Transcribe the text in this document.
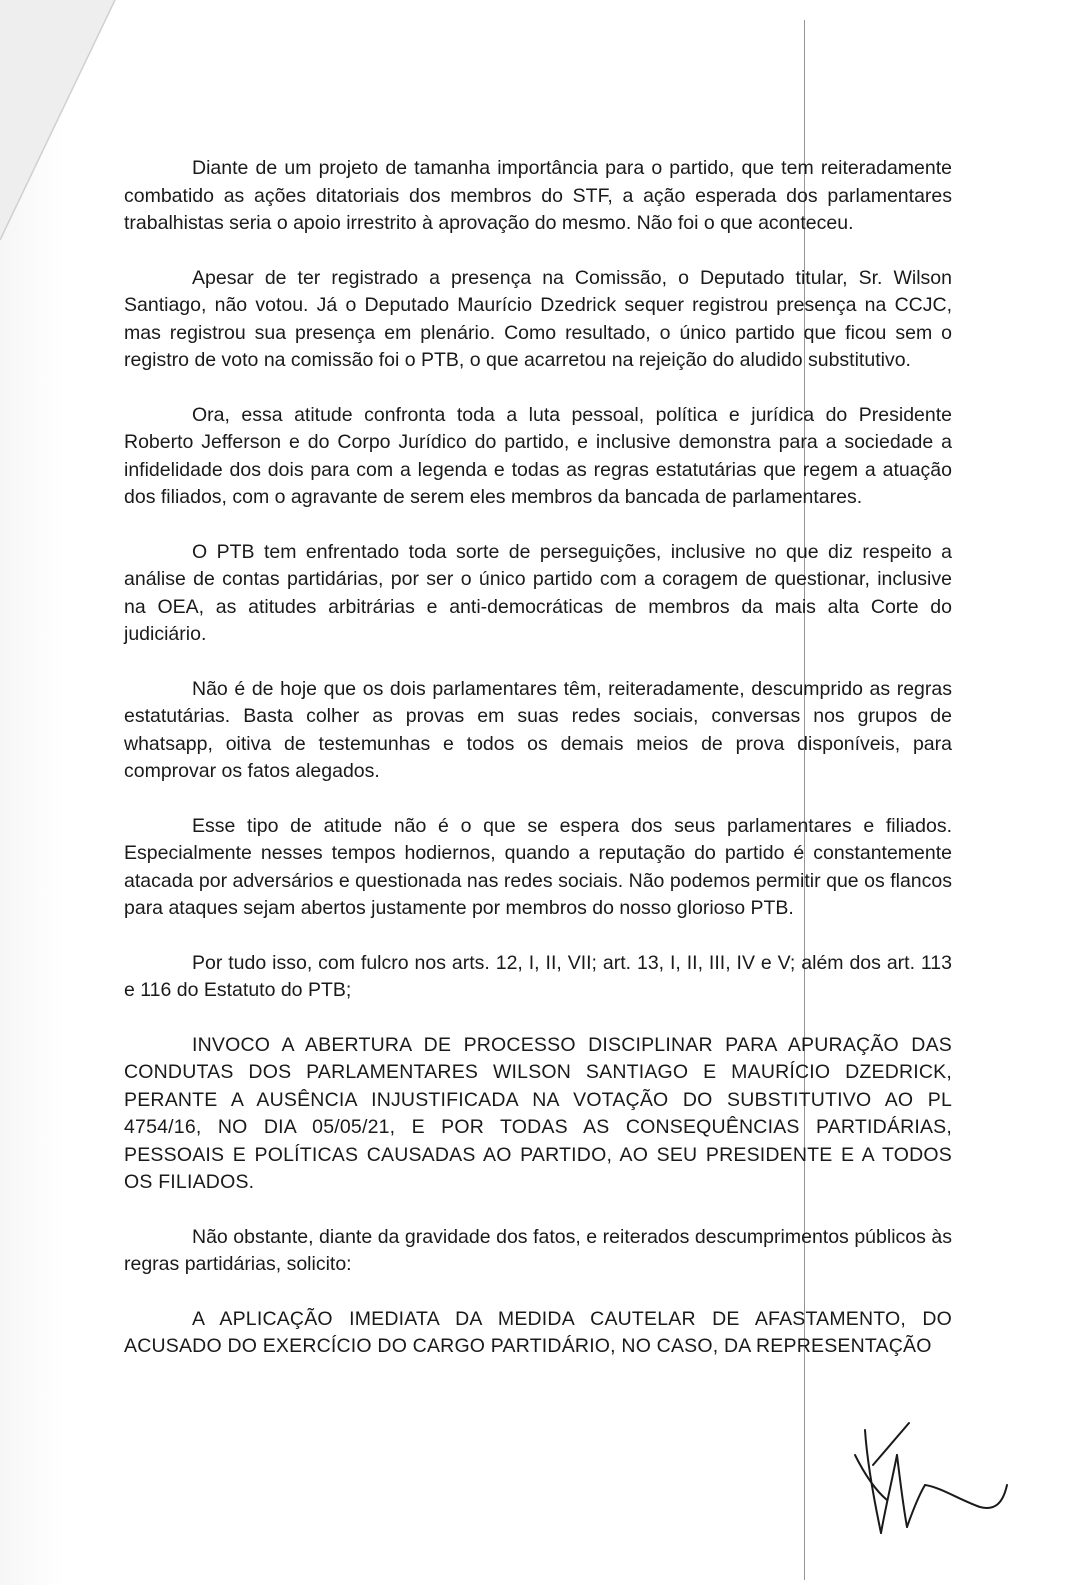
Diante de um projeto de tamanha importância para o partido, que tem reiteradamente combatido as ações ditatoriais dos membros do STF, a ação esperada dos parlamentares trabalhistas seria o apoio irrestrito à aprovação do mesmo. Não foi o que aconteceu.

Apesar de ter registrado a presença na Comissão, o Deputado titular, Sr. Wilson Santiago, não votou. Já o Deputado Maurício Dzedrick sequer registrou presença na CCJC, mas registrou sua presença em plenário. Como resultado, o único partido que ficou sem o registro de voto na comissão foi o PTB, o que acarretou na rejeição do aludido substitutivo.

Ora, essa atitude confronta toda a luta pessoal, política e jurídica do Presidente Roberto Jefferson e do Corpo Jurídico do partido, e inclusive demonstra para a sociedade a infidelidade dos dois para com a legenda e todas as regras estatutárias que regem a atuação dos filiados, com o agravante de serem eles membros da bancada de parlamentares.

O PTB tem enfrentado toda sorte de perseguições, inclusive no que diz respeito a análise de contas partidárias, por ser o único partido com a coragem de questionar, inclusive na OEA, as atitudes arbitrárias e anti-democráticas de membros da mais alta Corte do judiciário.

Não é de hoje que os dois parlamentares têm, reiteradamente, descumprido as regras estatutárias. Basta colher as provas em suas redes sociais, conversas nos grupos de whatsapp, oitiva de testemunhas e todos os demais meios de prova disponíveis, para comprovar os fatos alegados.

Esse tipo de atitude não é o que se espera dos seus parlamentares e filiados. Especialmente nesses tempos hodiernos, quando a reputação do partido é constantemente atacada por adversários e questionada nas redes sociais. Não podemos permitir que os flancos para ataques sejam abertos justamente por membros do nosso glorioso PTB.

Por tudo isso, com fulcro nos arts. 12, I, II, VII; art. 13, I, II, III, IV e V; além dos art. 113 e 116 do Estatuto do PTB;

INVOCO A ABERTURA DE PROCESSO DISCIPLINAR PARA APURAÇÃO DAS CONDUTAS DOS PARLAMENTARES WILSON SANTIAGO E MAURÍCIO DZEDRICK, PERANTE A AUSÊNCIA INJUSTIFICADA NA VOTAÇÃO DO SUBSTITUTIVO AO PL 4754/16, NO DIA 05/05/21, E POR TODAS AS CONSEQUÊNCIAS PARTIDÁRIAS, PESSOAIS E POLÍTICAS CAUSADAS AO PARTIDO, AO SEU PRESIDENTE E A TODOS OS FILIADOS.

Não obstante, diante da gravidade dos fatos, e reiterados descumprimentos públicos às regras partidárias, solicito:

A APLICAÇÃO IMEDIATA DA MEDIDA CAUTELAR DE AFASTAMENTO, DO ACUSADO DO EXERCÍCIO DO CARGO PARTIDÁRIO, NO CASO, DA REPRESENTAÇÃO
